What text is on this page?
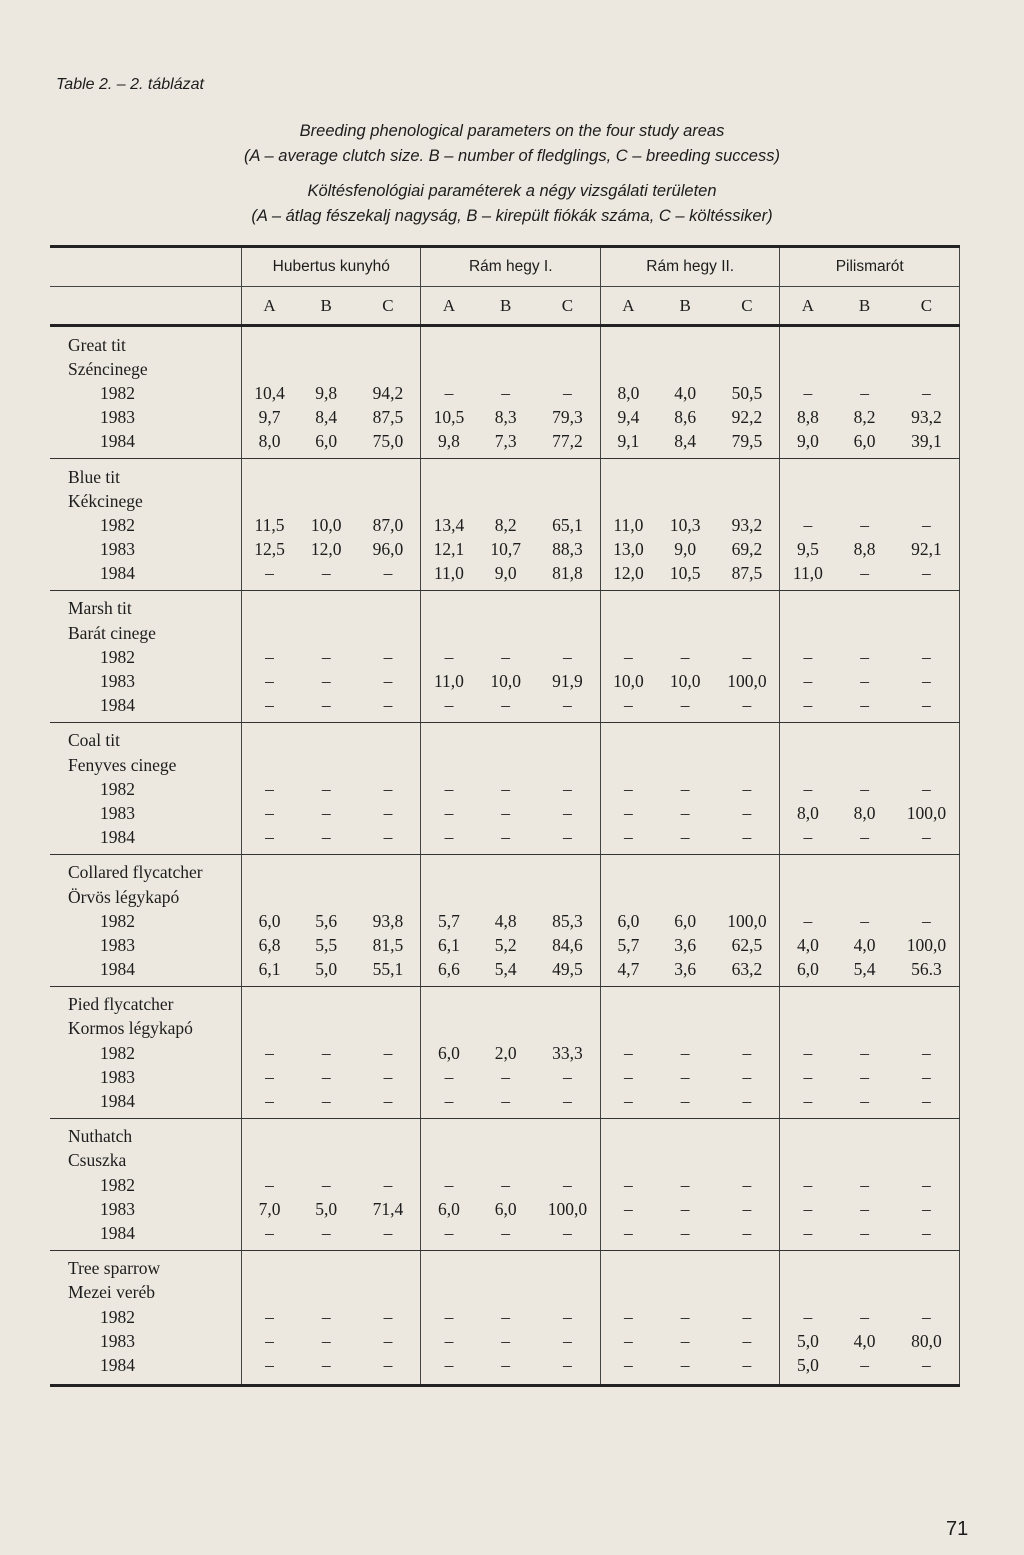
Table 2. – 2. táblázat
Breeding phenological parameters on the four study areas
(A – average clutch size. B – number of fledglings, C – breeding success)
Költésfenológiai paraméterek a négy vizsgálati területen
(A – átlag fészekalj nagyság, B – kirepült fiókák száma, C – költéssiker)
	Hubertus kunyhó			Rám hegy I.			Rám hegy II.			Pilismarót		
	A	B	C	A	B	C	A	B	C	A	B	C
Great tit												
Széncinege												
1982	10,4	9,8	94,2	–	–	–	8,0	4,0	50,5	–	–	–
1983	9,7	8,4	87,5	10,5	8,3	79,3	9,4	8,6	92,2	8,8	8,2	93,2
1984	8,0	6,0	75,0	9,8	7,3	77,2	9,1	8,4	79,5	9,0	6,0	39,1
Blue tit												
Kékcinege												
1982	11,5	10,0	87,0	13,4	8,2	65,1	11,0	10,3	93,2	–	–	–
1983	12,5	12,0	96,0	12,1	10,7	88,3	13,0	9,0	69,2	9,5	8,8	92,1
1984	–	–	–	11,0	9,0	81,8	12,0	10,5	87,5	11,0	–	–
Marsh tit												
Barát cinege												
1982	–	–	–	–	–	–	–	–	–	–	–	–
1983	–	–	–	11,0	10,0	91,9	10,0	10,0	100,0	–	–	–
1984	–	–	–	–	–	–	–	–	–	–	–	–
Coal tit												
Fenyves cinege												
1982	–	–	–	–	–	–	–	–	–	–	–	–
1983	–	–	–	–	–	–	–	–	–	8,0	8,0	100,0
1984	–	–	–	–	–	–	–	–	–	–	–	–
Collared flycatcher												
Örvös légykapó												
1982	6,0	5,6	93,8	5,7	4,8	85,3	6,0	6,0	100,0	–	–	–
1983	6,8	5,5	81,5	6,1	5,2	84,6	5,7	3,6	62,5	4,0	4,0	100,0
1984	6,1	5,0	55,1	6,6	5,4	49,5	4,7	3,6	63,2	6,0	5,4	56.3
Pied flycatcher												
Kormos légykapó												
1982	–	–	–	6,0	2,0	33,3	–	–	–	–	–	–
1983	–	–	–	–	–	–	–	–	–	–	–	–
1984	–	–	–	–	–	–	–	–	–	–	–	–
Nuthatch												
Csuszka												
1982	–	–	–	–	–	–	–	–	–	–	–	–
1983	7,0	5,0	71,4	6,0	6,0	100,0	–	–	–	–	–	–
1984	–	–	–	–	–	–	–	–	–	–	–	–
Tree sparrow												
Mezei veréb												
1982	–	–	–	–	–	–	–	–	–	–	–	–
1983	–	–	–	–	–	–	–	–	–	5,0	4,0	80,0
1984	–	–	–	–	–	–	–	–	–	5,0	–	–
71
